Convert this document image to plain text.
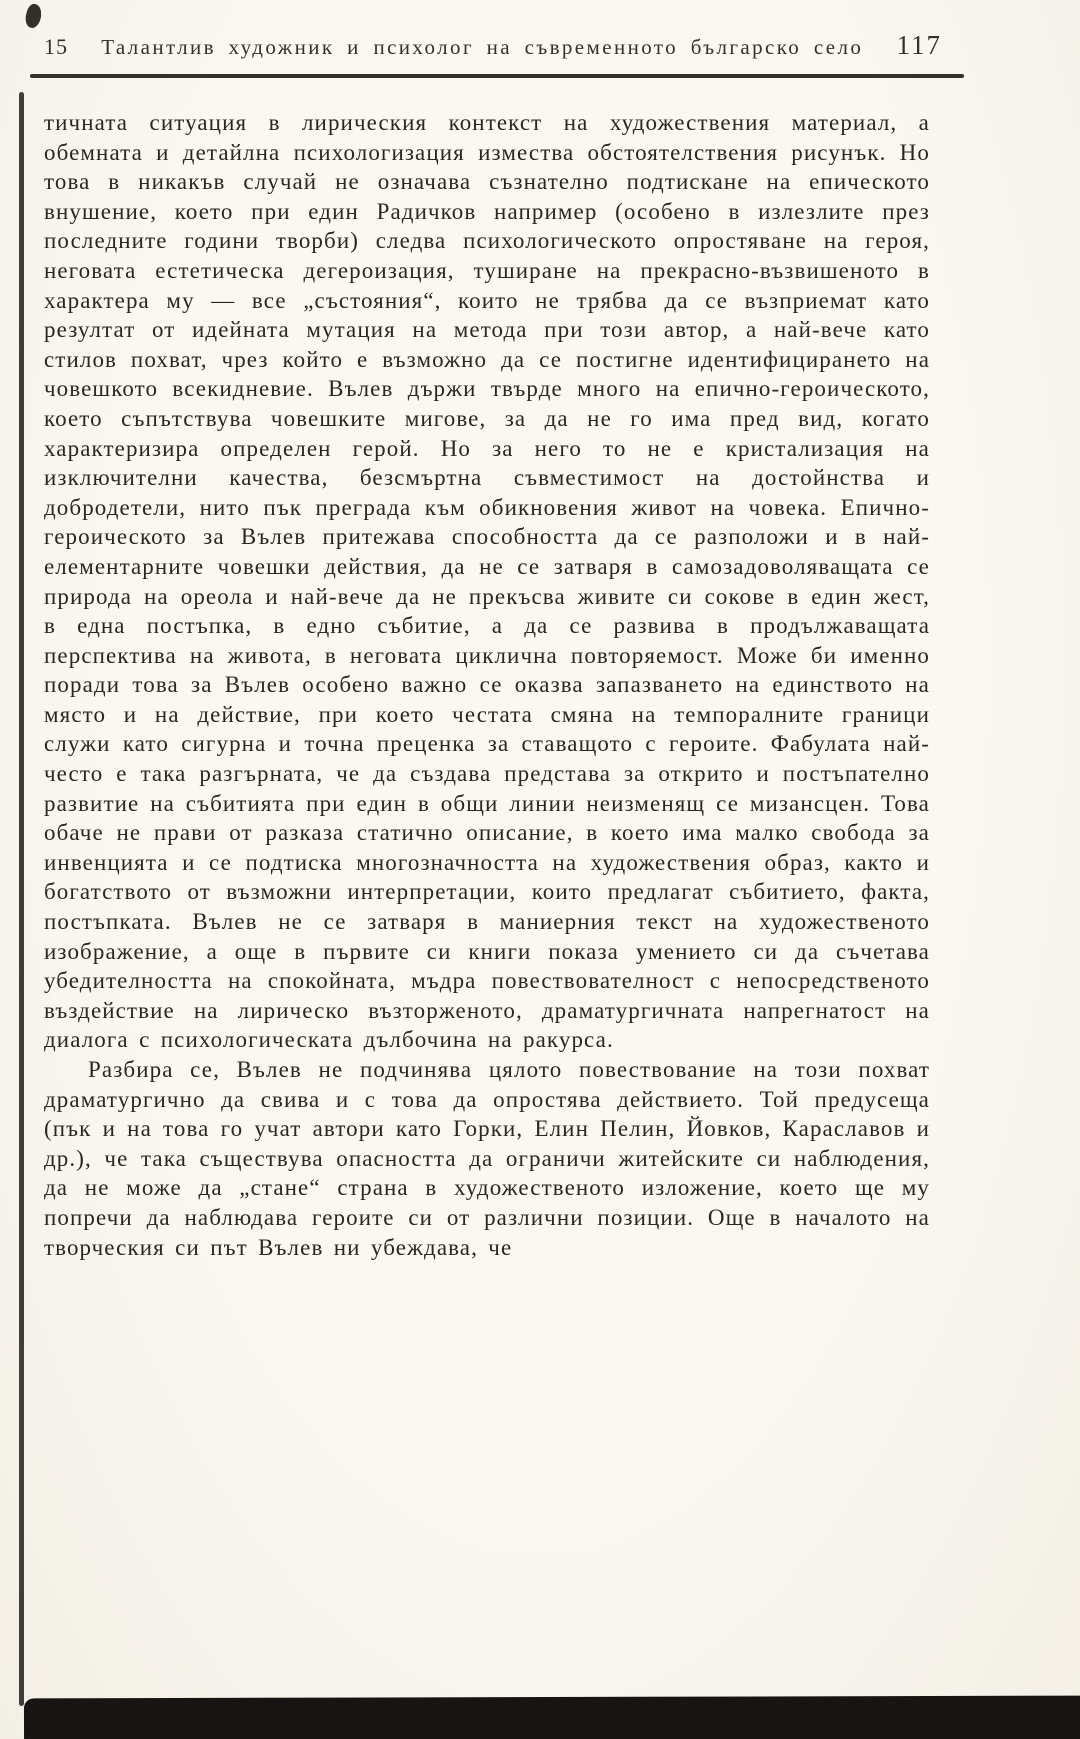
15	Талантлив художник и психолог на съвременното българско село	117

тичната ситуация в лирическия контекст на художествения материал, а обемната и детайлна психологизация измества обстоятелствения рисунък. Но това в никакъв случай не означава съзнателно подтискане на епическото внушение, което при един Радичков например (особено в излезлите през последните години творби) следва психологическото опростяване на героя, неговата естетическа дегероизация, туширане на прекрасно-възвишеното в характера му — все „състояния“, които не трябва да се възприемат като резултат от идейната мутация на метода при този автор, а най-вече като стилов похват, чрез който е възможно да се постигне идентифицирането на човешкото всекидневие. Вълев държи твърде много на епично-героическото, което съпътствува човешките мигове, за да не го има пред вид, когато характеризира определен герой. Но за него то не е кристализация на изключителни качества, безсмъртна съвместимост на достойнства и добродетели, нито пък преграда към обикновения живот на човека. Епично-героическото за Вълев притежава способността да се разположи и в най-елементарните човешки действия, да не се затваря в самозадоволяващата се природа на ореола и най-вече да не прекъсва живите си сокове в един жест, в една постъпка, в едно събитие, а да се развива в продължаващата перспектива на живота, в неговата циклична повторяемост. Може би именно поради това за Вълев особено важно се оказва запазването на единството на място и на действие, при което честата смяна на темпоралните граници служи като сигурна и точна преценка за ставащото с героите. Фабулата най-често е така разгърната, че да създава представа за открито и постъпателно развитие на събитията при един в общи линии неизменящ се мизансцен. Това обаче не прави от разказа статично описание, в което има малко свобода за инвенцията и се подтиска многозначността на художествения образ, както и богатството от възможни интерпретации, които предлагат събитието, факта, постъпката. Вълев не се затваря в маниерния текст на художественото изображение, а още в първите си книги показа умението си да съчетава убедителността на спокойната, мъдра повествователност с непосредственото въздействие на лирическо възторженото, драматургичната напрегнатост на диалога с психологическата дълбочина на ракурса.

Разбира се, Вълев не подчинява цялото повествование на този похват драматургично да свива и с това да опростява действието. Той предусеща (пък и на това го учат автори като Горки, Елин Пелин, Йовков, Караславов и др.), че така съществува опасността да ограничи житейските си наблюдения, да не може да „стане“ страна в художественото изложение, което ще му попречи да наблюдава героите си от различни позиции. Още в началото на творческия си път Вълев ни убеждава, че
